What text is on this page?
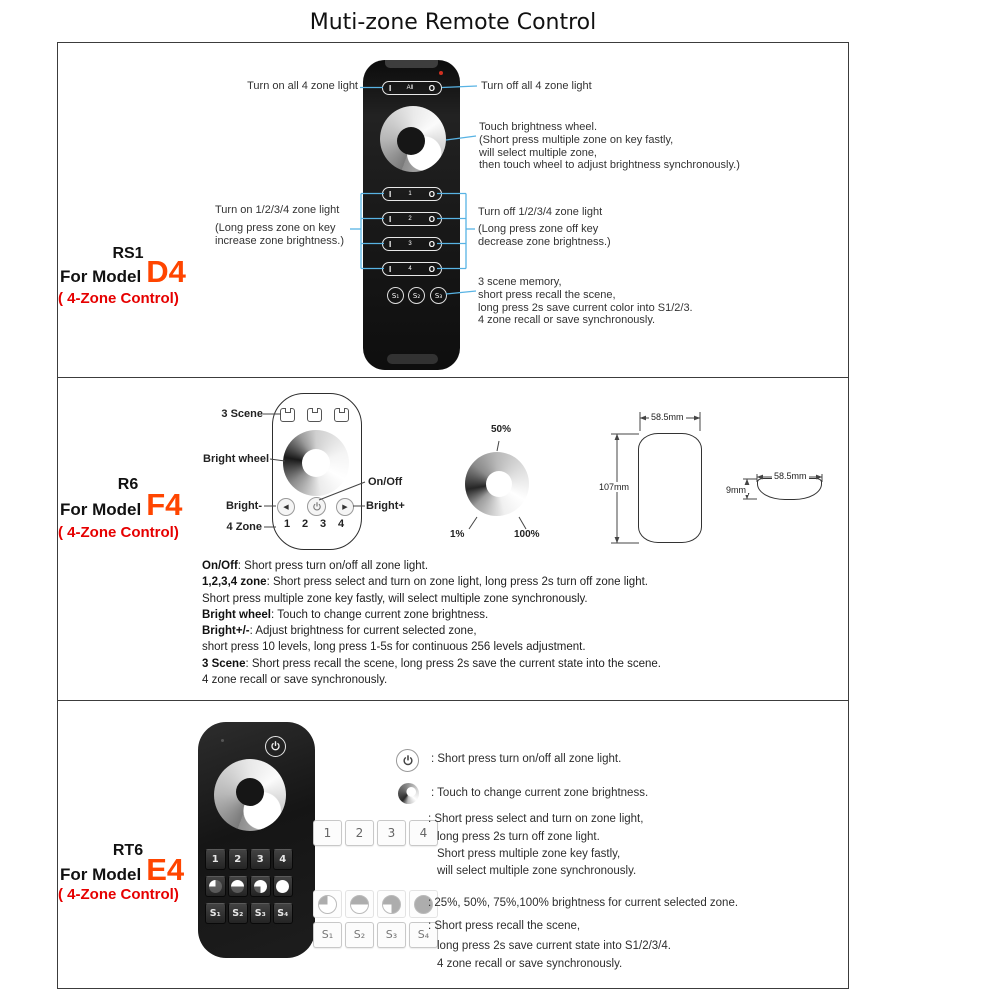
Muti-zone Remote Control
RS1
For Model D4
( 4-Zone Control)
I	All O
I	1 O
I	2 O
I	3 O
I	4 O
S₁	S₂	S₃
Turn on all 4 zone light	Turn off all 4 zone light
Touch brightness wheel.
(Short press multiple zone on key fastly,
will select multiple zone,
then touch wheel to adjust brightness synchronously.)
Turn on 1/2/3/4 zone light
(Long press zone on key
increase zone brightness.)
Turn off 1/2/3/4 zone light
(Long press zone off key
decrease zone brightness.)
3 scene memory,
short press recall the scene,
long press 2s save current color into S1/2/3.
4 zone recall or save synchronously.
R6
For Model F4
( 4-Zone Control)
◀	▶
1 2 3 4
3 Scene
Bright wheel
On/Off
Bright-	Bright+
4 Zone
50%
1%	100%
58.5mm
107mm
58.5mm
9mm
On/Off: Short press turn on/off all zone light.
1,2,3,4 zone: Short press select and turn on zone light, long press 2s turn off zone light.
Short press multiple zone key fastly, will select multiple zone synchronously.
Bright wheel: Touch to change current zone brightness.
Bright+/-: Adjust brightness for current selected zone,
short press 10 levels, long press 1-5s for continuous 256 levels adjustment.
3 Scene: Short press recall the scene, long press 2s save the current state into the scene.
4 zone recall or save synchronously.
RT6
For Model E4
( 4-Zone Control)
1	2	3	4
S₁	S₂	S₃	S₄
: Short press turn on/off all zone light.
: Touch to change current zone brightness.
1	2	3	4
: Short press select and turn on zone light,
long press 2s turn off zone light.
Short press multiple zone key fastly,
will select multiple zone synchronously.
: 25%, 50%, 75%,100% brightness for current selected zone.
S₁	S₂	S₃	S₄
: Short press recall the scene,
long press 2s save current state into S1/2/3/4.
4 zone recall or save synchronously.
